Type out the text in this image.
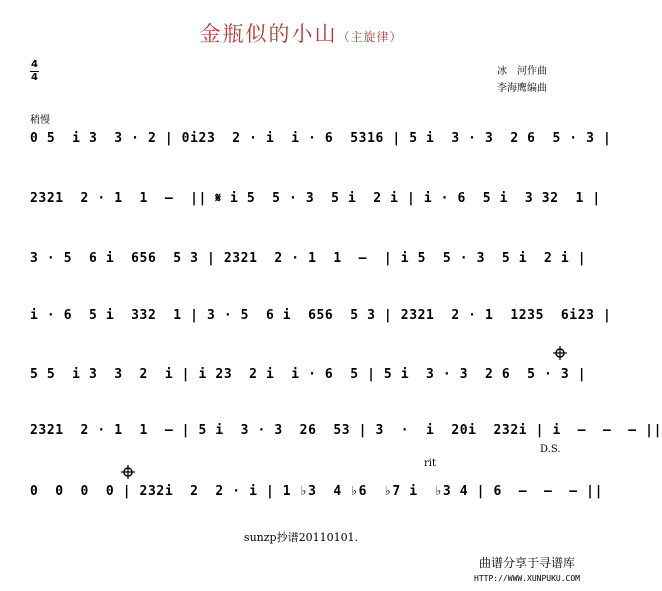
金瓶似的小山（主旋律）
4
4
冰　河作曲
李海鹰编曲
稍慢
0 5  i 3  3 · 2 | 0i23  2 · i  i · 6  5316 | 5 i  3 · 3  2 6  5 · 3 |
2321  2 · 1  1  –  || 𝄋 i 5  5 · 3  5 i  2 i | i · 6  5 i  3 32  1 |
3 · 5  6 i  656  5 3 | 2321  2 · 1  1  –  | i 5  5 · 3  5 i  2 i |
i · 6  5 i  332  1 | 3 · 5  6 i  656  5 3 | 2321  2 · 1  1235  6i23 |
5 5  i 3  3  2  i | i 23  2 i  i · 6  5 | 5 i  3 · 3  2 6  5 · 3 |
2321  2 · 1  1  – | 5 i  3 · 3  26  53 | 3  ·  i  20i  232i | i  –  –  – ||
0  0  0  0 | 232i  2  2 · i | 1 ♭3  4 ♭6  ♭7 i  ♭3 4 | 6  –  –  – ||
D.S.
rit
sunzp抄谱20110101.
曲谱分享于寻谱库
HTTP://WWW.XUNPUKU.COM
